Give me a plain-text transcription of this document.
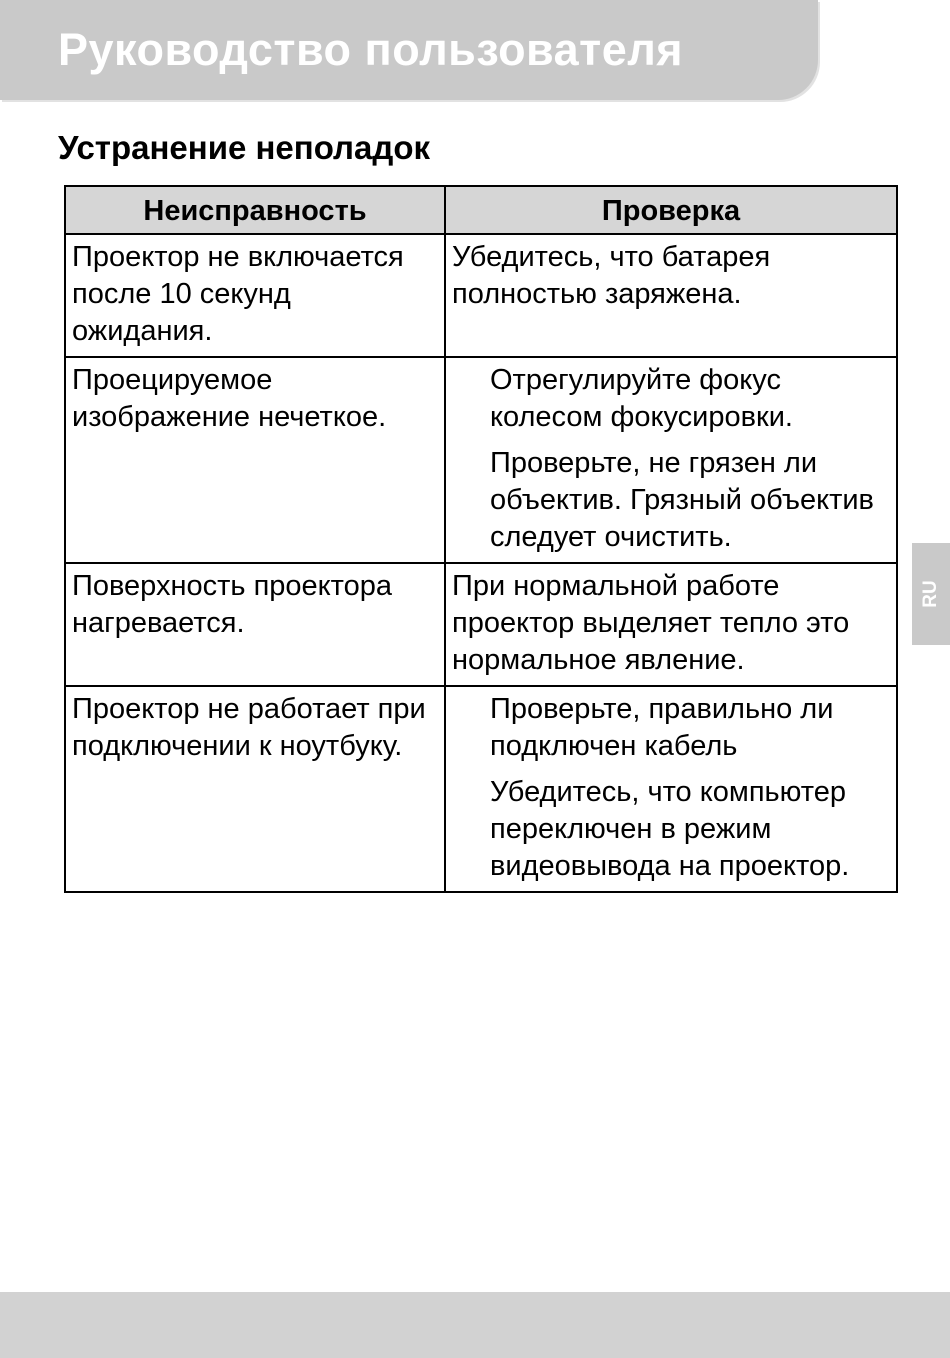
Руководство пользователя
Устранение неполадок
Неисправность	Проверка
Проектор не включается после 10 секунд ожидания.	Убедитесь, что батарея полностью заряжена.

Проецируемое изображение нечеткое.	Отрегулируйте фокус колесом фокусировки.
Проверьте, не грязен ли объектив. Грязный объектив следует очистить.

Поверхность проектора нагревается.	При нормальной работе проектор выделяет тепло это нормальное явление.

Проектор не работает при подключении к ноутбуку.	Проверьте, правильно ли подключен кабель
Убедитесь, что компьютер переключен в режим видеовывода на проектор.
RU
